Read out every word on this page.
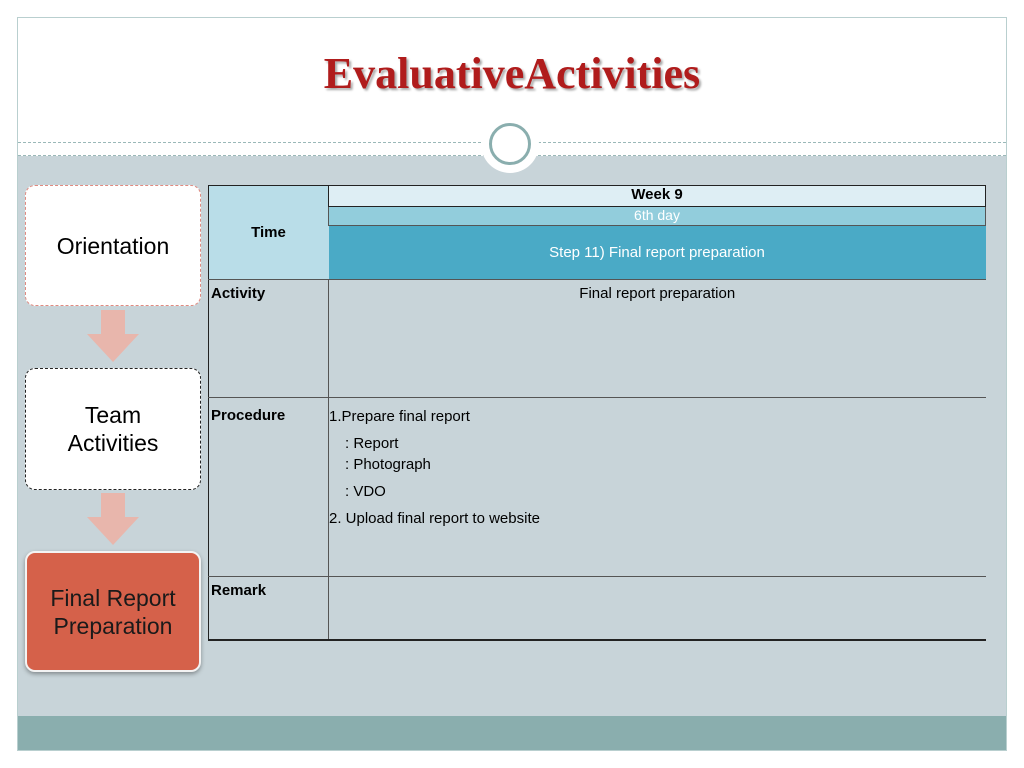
EvaluativeActivities
Orientation
Team
Activities
Final Report
Preparation
Time	Week 9
	6th day
	Step 11) Final report preparation
Activity	Final report preparation
Procedure	1.Prepare final report
: Report
: Photograph
: VDO
2. Upload final report to website

Remark	
